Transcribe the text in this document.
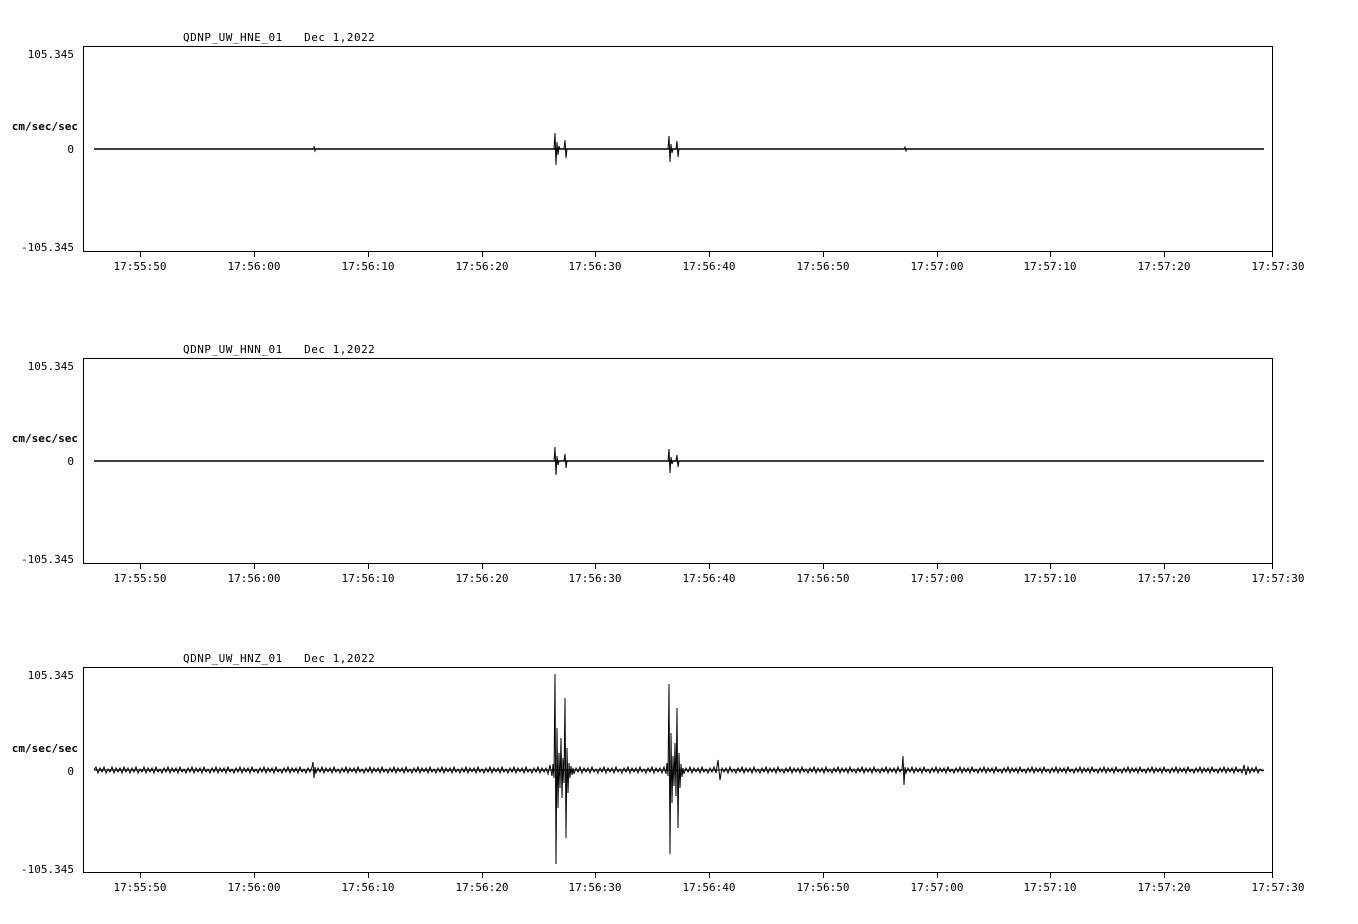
QDNP_UW_HNE_01   Dec 1,2022
105.345
cm/sec/sec
0
-105.345
17:55:50	17:56:00	17:56:10	17:56:20	17:56:30	17:56:40	17:56:50	17:57:00	17:57:10	17:57:20	17:57:30
QDNP_UW_HNN_01   Dec 1,2022
105.345
cm/sec/sec
0
-105.345
17:55:50	17:56:00	17:56:10	17:56:20	17:56:30	17:56:40	17:56:50	17:57:00	17:57:10	17:57:20	17:57:30
QDNP_UW_HNZ_01   Dec 1,2022
105.345
cm/sec/sec
0
-105.345
17:55:50	17:56:00	17:56:10	17:56:20	17:56:30	17:56:40	17:56:50	17:57:00	17:57:10	17:57:20	17:57:30
